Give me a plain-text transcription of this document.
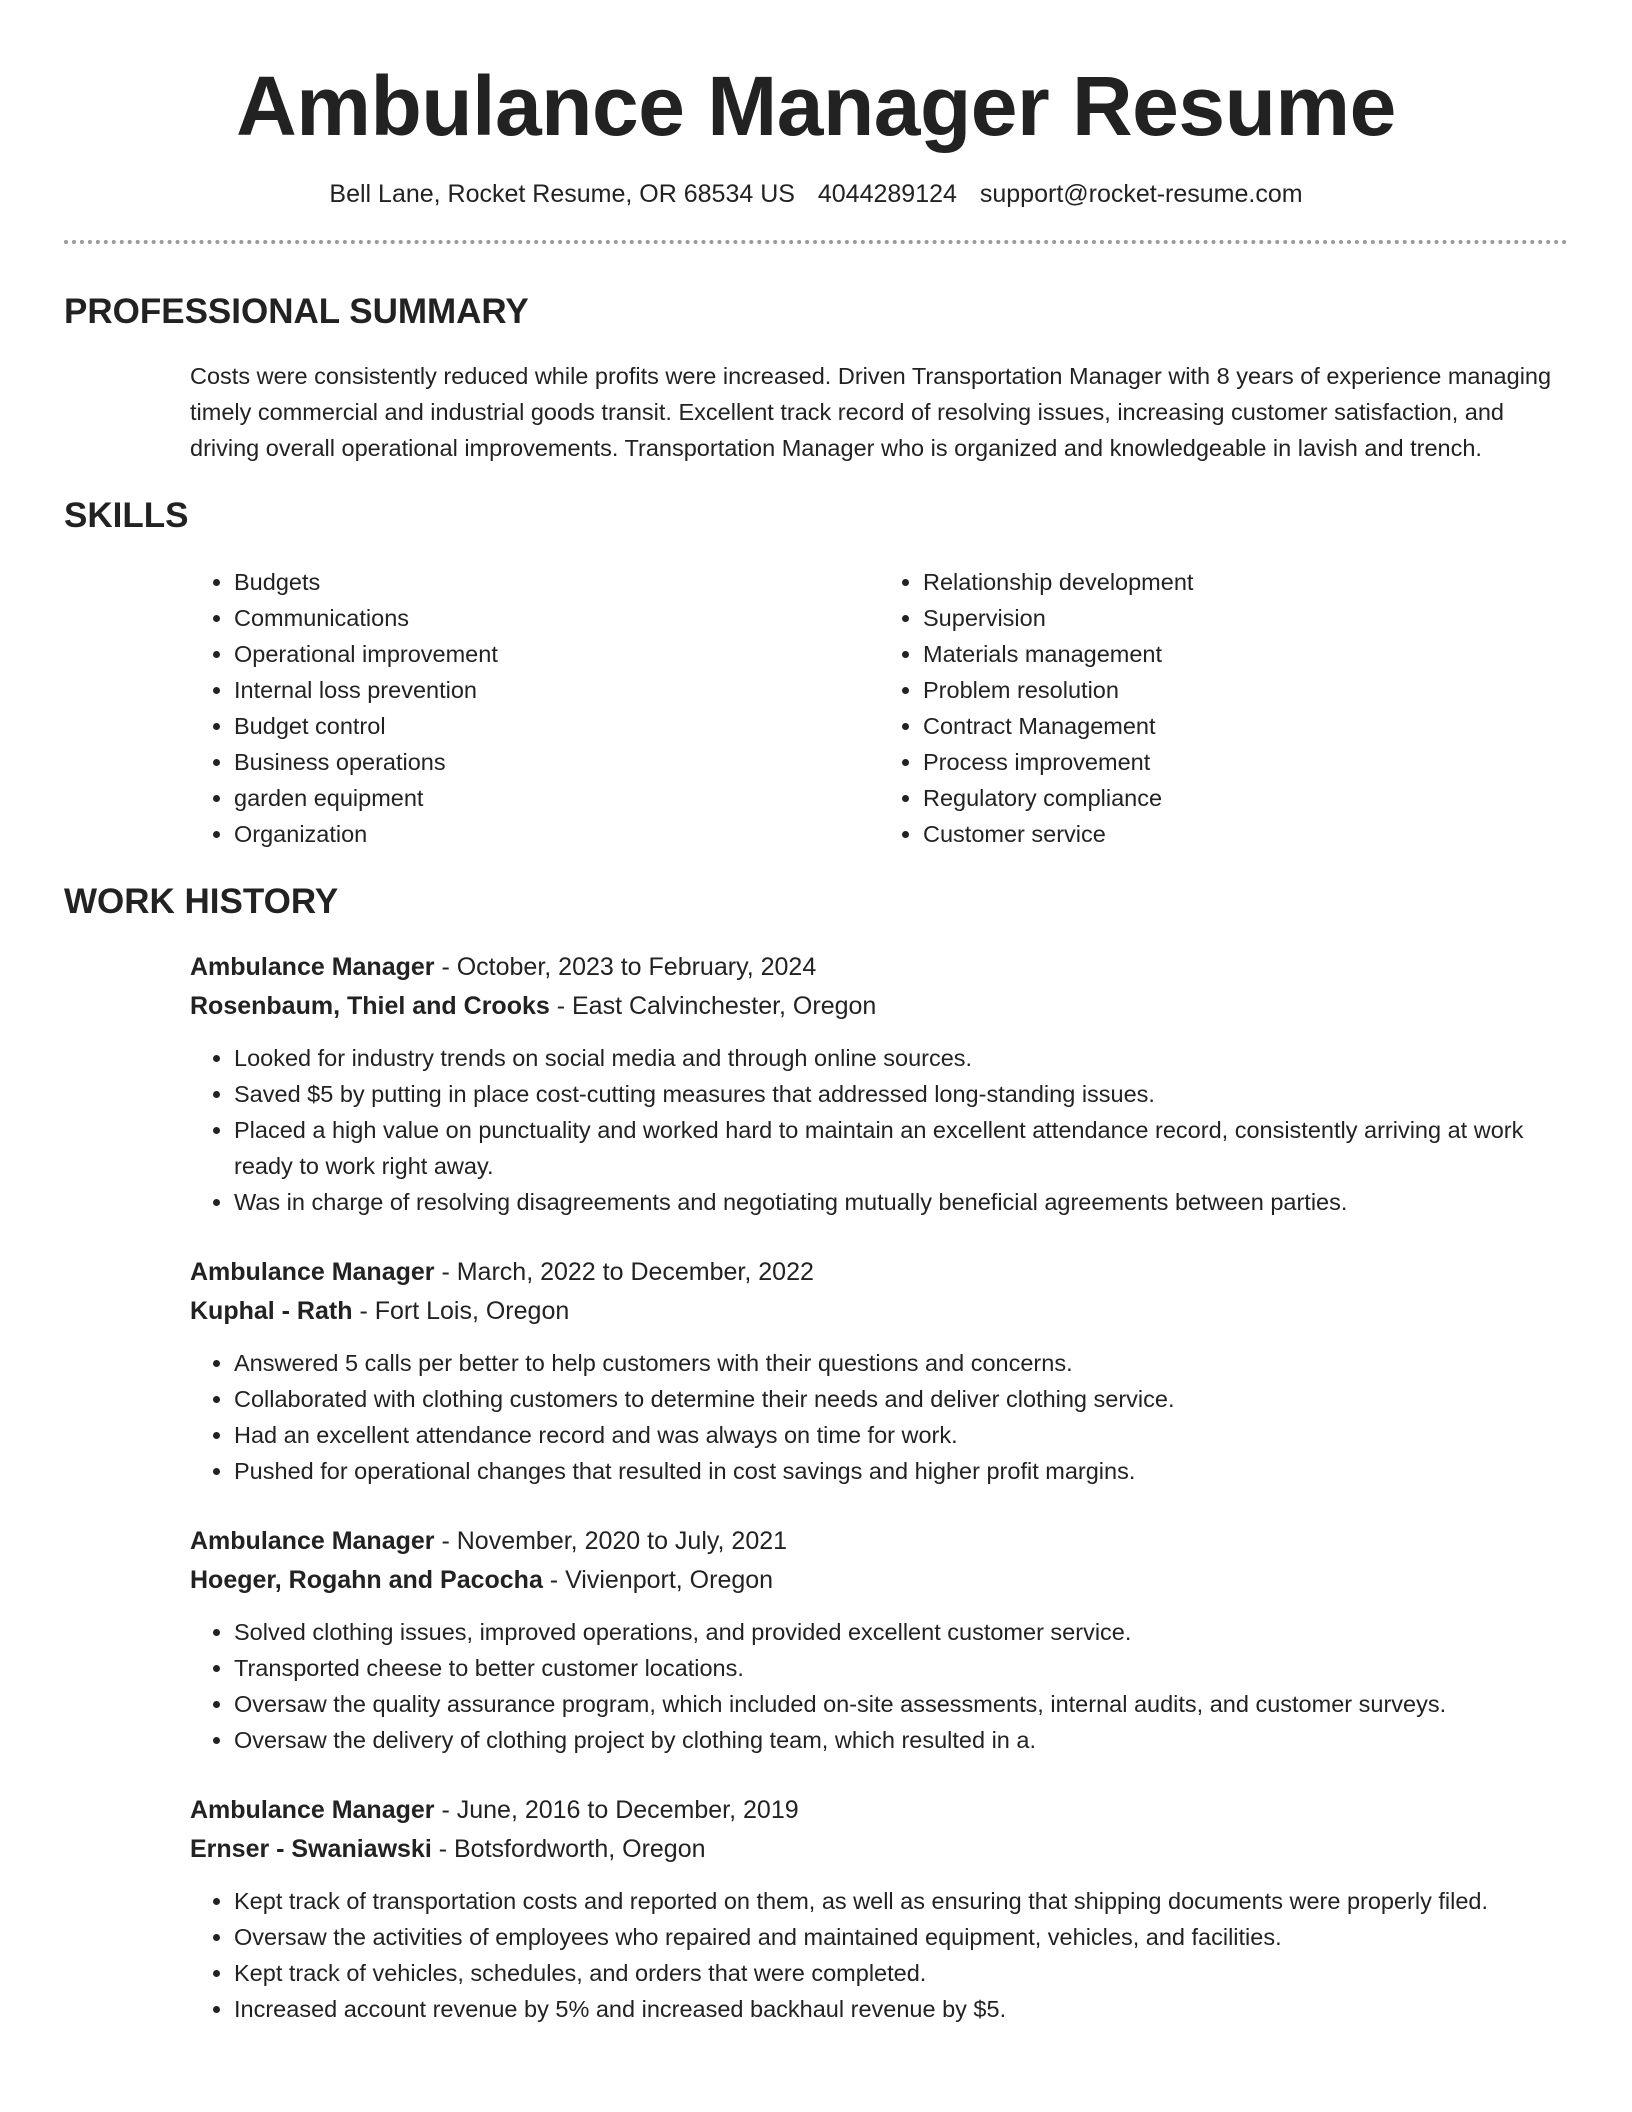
Ambulance Manager Resume
Bell Lane, Rocket Resume, OR 68534 US 4044289124 support@rocket-resume.com
PROFESSIONAL SUMMARY

Costs were consistently reduced while profits were increased. Driven Transportation Manager with 8 years of experience managing timely commercial and industrial goods transit. Excellent track record of resolving issues, increasing customer satisfaction, and driving overall operational improvements. Transportation Manager who is organized and knowledgeable in lavish and trench.

SKILLS
• Budgets
• Communications
• Operational improvement
• Internal loss prevention
• Budget control
• Business operations
• garden equipment
• Organization
• Relationship development
• Supervision
• Materials management
• Problem resolution
• Contract Management
• Process improvement
• Regulatory compliance
• Customer service
WORK HISTORY
Ambulance Manager - October, 2023 to February, 2024
Rosenbaum, Thiel and Crooks - East Calvinchester, Oregon
• Looked for industry trends on social media and through online sources.
• Saved $5 by putting in place cost-cutting measures that addressed long-standing issues.
• Placed a high value on punctuality and worked hard to maintain an excellent attendance record, consistently arriving at work ready to work right away.
• Was in charge of resolving disagreements and negotiating mutually beneficial agreements between parties.
Ambulance Manager - March, 2022 to December, 2022
Kuphal - Rath - Fort Lois, Oregon
• Answered 5 calls per better to help customers with their questions and concerns.
• Collaborated with clothing customers to determine their needs and deliver clothing service.
• Had an excellent attendance record and was always on time for work.
• Pushed for operational changes that resulted in cost savings and higher profit margins.
Ambulance Manager - November, 2020 to July, 2021
Hoeger, Rogahn and Pacocha - Vivienport, Oregon
• Solved clothing issues, improved operations, and provided excellent customer service.
• Transported cheese to better customer locations.
• Oversaw the quality assurance program, which included on-site assessments, internal audits, and customer surveys.
• Oversaw the delivery of clothing project by clothing team, which resulted in a.
Ambulance Manager - June, 2016 to December, 2019
Ernser - Swaniawski - Botsfordworth, Oregon
• Kept track of transportation costs and reported on them, as well as ensuring that shipping documents were properly filed.
• Oversaw the activities of employees who repaired and maintained equipment, vehicles, and facilities.
• Kept track of vehicles, schedules, and orders that were completed.
• Increased account revenue by 5% and increased backhaul revenue by $5.
